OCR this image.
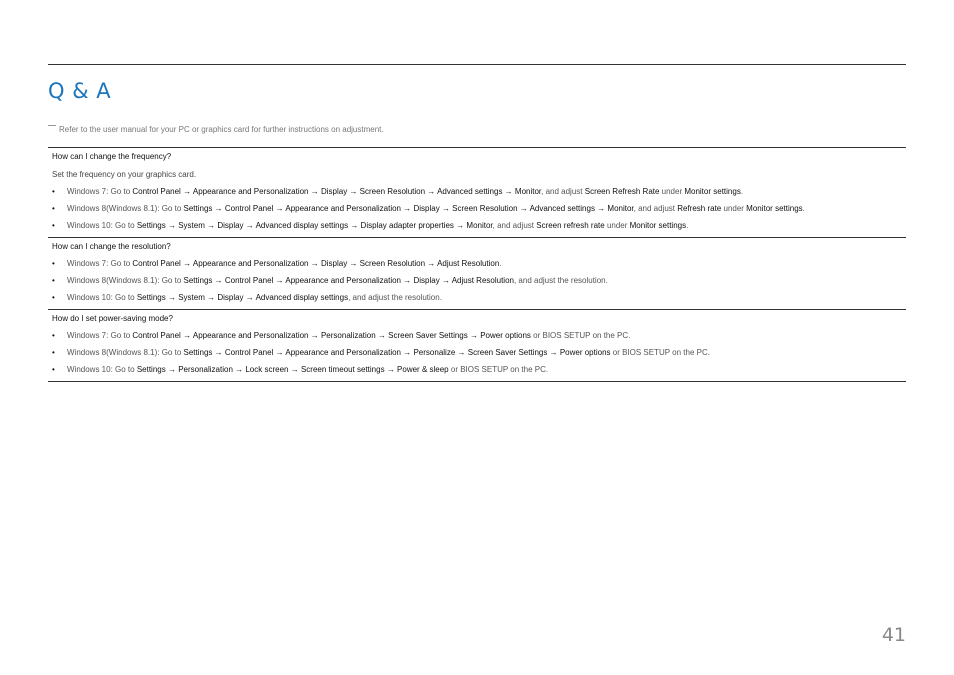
Q & A
Refer to the user manual for your PC or graphics card for further instructions on adjustment.
How can I change the frequency?
Set the frequency on your graphics card.
• Windows 7: Go to Control Panel → Appearance and Personalization → Display → Screen Resolution → Advanced settings → Monitor, and adjust Screen Refresh Rate under Monitor settings.
• Windows 8(Windows 8.1): Go to Settings → Control Panel → Appearance and Personalization → Display → Screen Resolution → Advanced settings → Monitor, and adjust Refresh rate under Monitor settings.
• Windows 10: Go to Settings → System → Display → Advanced display settings → Display adapter properties → Monitor, and adjust Screen refresh rate under Monitor settings.
How can I change the resolution?
• Windows 7: Go to Control Panel → Appearance and Personalization → Display → Screen Resolution → Adjust Resolution.
• Windows 8(Windows 8.1): Go to Settings → Control Panel → Appearance and Personalization → Display → Adjust Resolution, and adjust the resolution.
• Windows 10: Go to Settings → System → Display → Advanced display settings, and adjust the resolution.
How do I set power-saving mode?
• Windows 7: Go to Control Panel → Appearance and Personalization → Personalization → Screen Saver Settings → Power options or BIOS SETUP on the PC.
• Windows 8(Windows 8.1): Go to Settings → Control Panel → Appearance and Personalization → Personalize → Screen Saver Settings → Power options or BIOS SETUP on the PC.
• Windows 10: Go to Settings → Personalization → Lock screen → Screen timeout settings → Power & sleep or BIOS SETUP on the PC.
41
